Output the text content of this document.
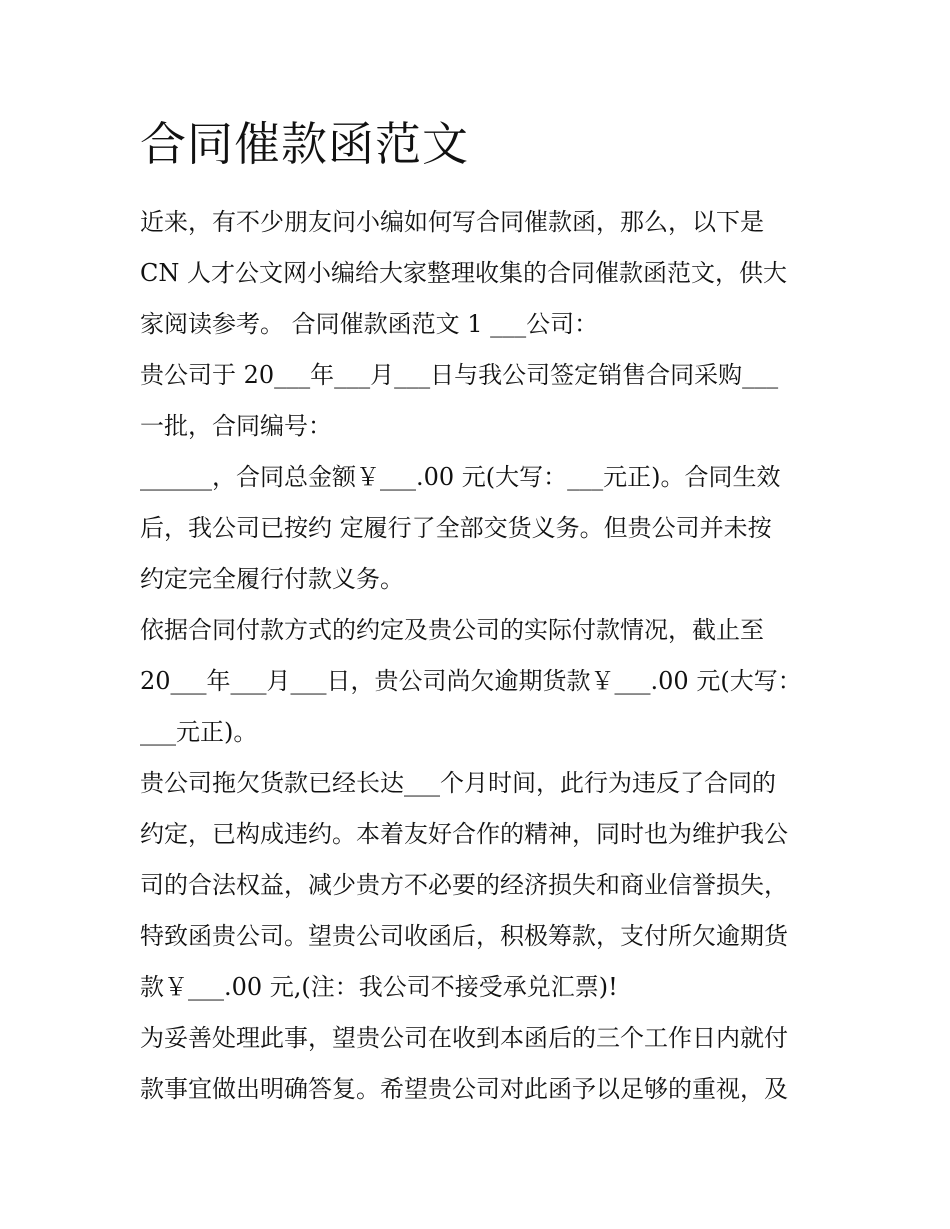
合同催款函范文

近来，有不少朋友问小编如何写合同催款函，那么，以下是

CN 人才公文网小编给大家整理收集的合同催款函范文，供大

家阅读参考。 合同催款函范文 1 ___公司：

贵公司于 20___年___月___日与我公司签定销售合同采购___

一批，合同编号：

______，合同总金额￥___.00 元(大写：___元正)。合同生效

后，我公司已按约 定履行了全部交货义务。但贵公司并未按

约定完全履行付款义务。

依据合同付款方式的约定及贵公司的实际付款情况，截止至

20___年___月___日，贵公司尚欠逾期货款￥___.00 元(大写：

___元正)。

贵公司拖欠货款已经长达___个月时间，此行为违反了合同的

约定，已构成违约。本着友好合作的精神，同时也为维护我公

司的合法权益，减少贵方不必要的经济损失和商业信誉损失，

特致函贵公司。望贵公司收函后，积极筹款，支付所欠逾期货

款￥___.00 元,(注：我公司不接受承兑汇票)!

为妥善处理此事，望贵公司在收到本函后的三个工作日内就付

款事宜做出明确答复。希望贵公司对此函予以足够的重视，及
